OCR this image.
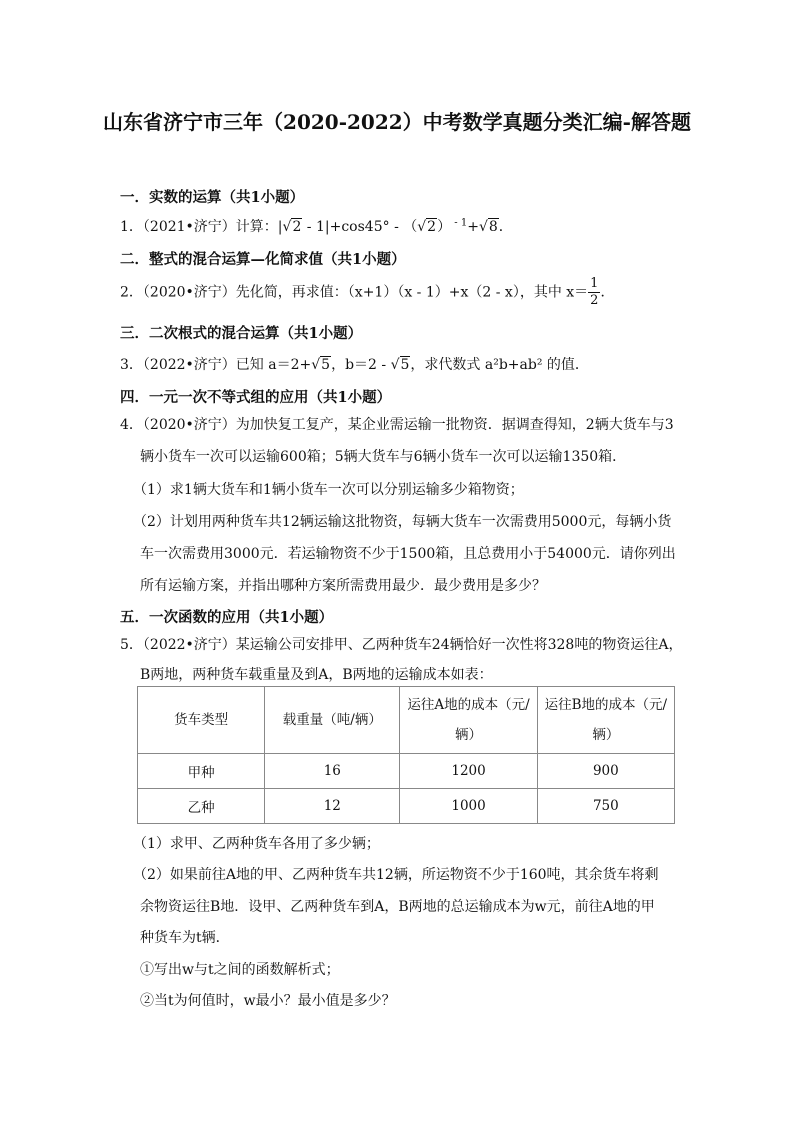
山东省济宁市三年（2020-2022）中考数学真题分类汇编-解答题
一．实数的运算（共1小题）
1．（2021•济宁）计算：|√2 - 1|+cos45° - （√2） $^{- 1}$+√8．
二．整式的混合运算—化简求值（共1小题）
2．（2020•济宁）先化简，再求值：（x+1）（x - 1）+x（2 - x），其中 $x= \frac{1}{2}$ ．
三．二次根式的混合运算（共1小题）
3．（2022•济宁）已知 a＝2+√5，b＝2 - √5，求代数式 a²b+ab² 的值．
四．一元一次不等式组的应用（共1小题）
4．（2020•济宁）为加快复工复产，某企业需运输一批物资．据调查得知，2辆大货车与3
辆小货车一次可以运输600箱；5辆大货车与6辆小货车一次可以运输1350箱．
（1）求1辆大货车和1辆小货车一次可以分别运输多少箱物资；
（2）计划用两种货车共12辆运输这批物资，每辆大货车一次需费用5000元，每辆小货
车一次需费用3000元．若运输物资不少于1500箱，且总费用小于54000元．请你列出
所有运输方案，并指出哪种方案所需费用最少．最少费用是多少？
五．一次函数的应用（共1小题）
5．（2022•济宁）某运输公司安排甲、乙两种货车24辆恰好一次性将328吨的物资运往A，
B两地，两种货车载重量及到A，B两地的运输成本如表：
货车类型	载重量（吨/辆）	运往A地的成本（元/辆）	运往B地的成本（元/辆）
甲种	16	1200	900
乙种	12	1000	750
（1）求甲、乙两种货车各用了多少辆；
（2）如果前往A地的甲、乙两种货车共12辆，所运物资不少于160吨，其余货车将剩
余物资运往B地．设甲、乙两种货车到A，B两地的总运输成本为w元，前往A地的甲
种货车为t辆．
①写出w与t之间的函数解析式；
②当t为何值时，w最小？最小值是多少？
